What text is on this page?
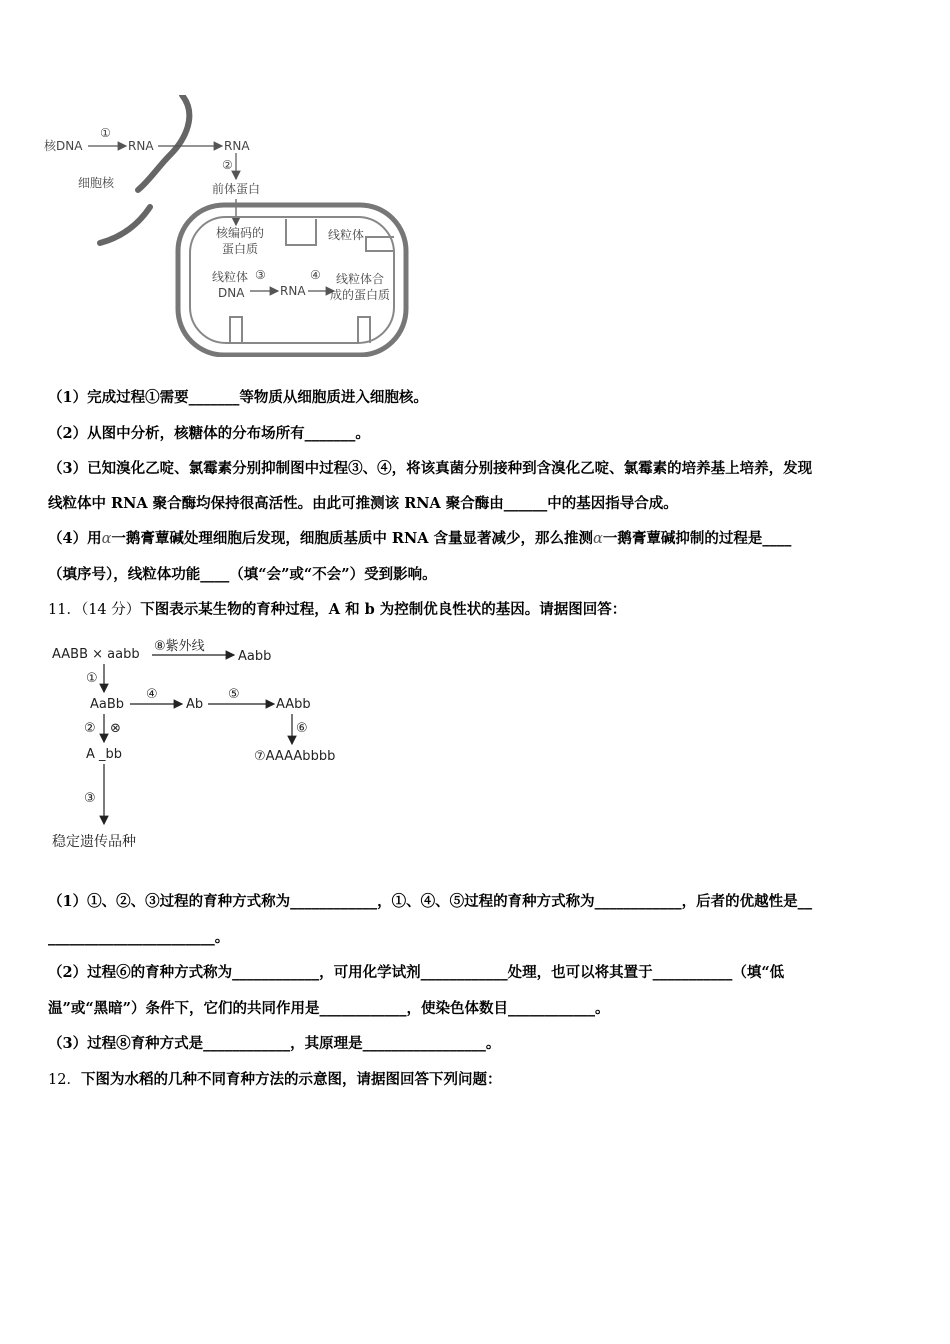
核DNA
①
RNA	RNA
②
前体蛋白
细胞核
核编码的
蛋白质
线粒体
线粒体
DNA
③
RNA
④ 线粒体合
成的蛋白质
（1）完成过程①需要_______等物质从细胞质进入细胞核。
（2）从图中分析，核糖体的分布场所有_______。
（3）已知溴化乙啶、氯霉素分别抑制图中过程③、④，将该真菌分别接种到含溴化乙啶、氯霉素的培养基上培养，发现
线粒体中 RNA 聚合酶均保持很高活性。由此可推测该 RNA 聚合酶由______中的基因指导合成。
（4）用α一鹅膏蕈碱处理细胞后发现，细胞质基质中 RNA 含量显著减少，那么推测α一鹅膏蕈碱抑制的过程是____
（填序号），线粒体功能____（填“会”或“不会”）受到影响。
11．（14 分）下图表示某生物的育种过程，A 和 b 为控制优良性状的基因。请据图回答：
AABB × aabb
⑧紫外线
Aabb
①
AaBb
④
Ab
⑤
AAbb
② ⊗	⑥
A _bb	⑦AAAAbbbb
③
稳定遗传品种
（1）①、②、③过程的育种方式称为____________，①、④、⑤过程的育种方式称为____________，后者的优越性是__
_______________________。
（2）过程⑥的育种方式称为____________，可用化学试剂____________处理，也可以将其置于___________（填“低
温”或“黑暗”）条件下，它们的共同作用是____________，使染色体数目____________。
（3）过程⑧育种方式是____________，其原理是_________________。
12．下图为水稻的几种不同育种方法的示意图，请据图回答下列问题：
